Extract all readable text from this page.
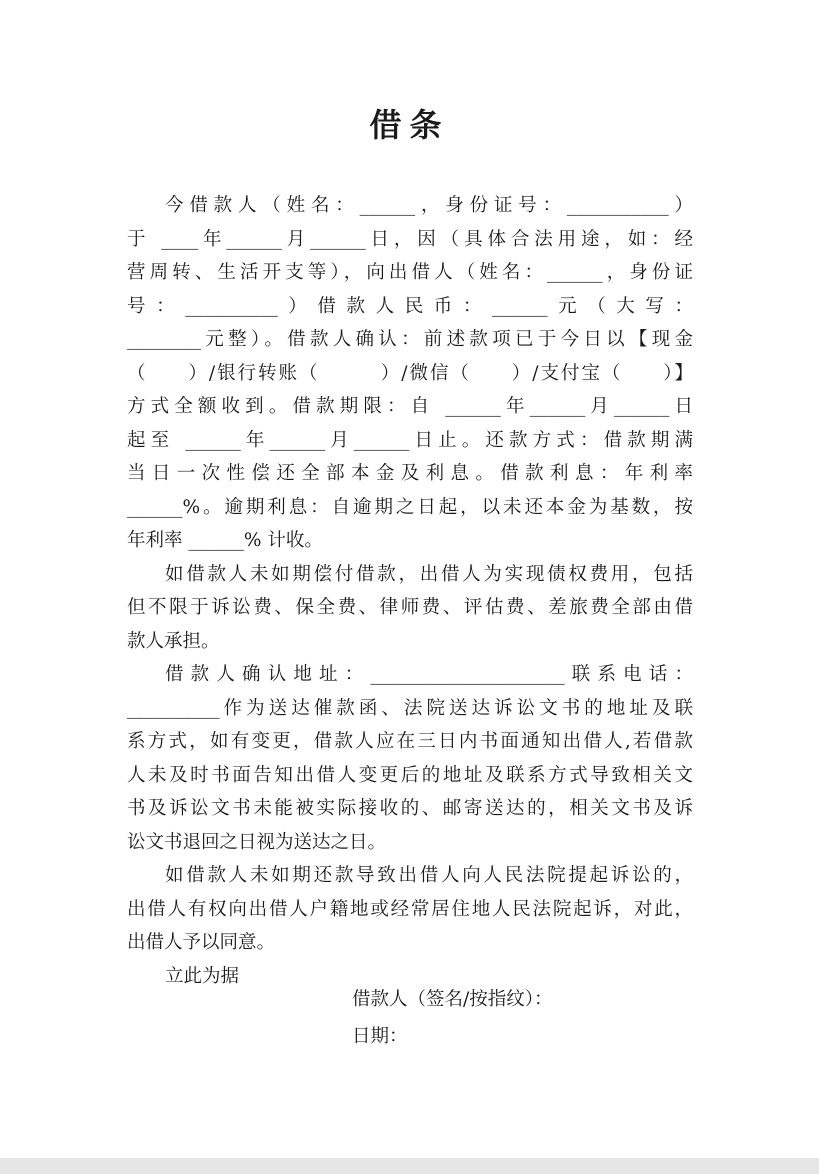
借条
今借款人（姓名：______，身份证号：___________）
于 ____年______月______日，因（具体合法用途，如：经
营周转、生活开支等），向出借人（姓名：______，身份证
号：__________）借款人民币：______元（大写：
________元整）。借款人确认：前述款项已于今日以【现金
（　　）/银行转账（　　　）/微信（　　）/支付宝（　　）】
方式全额收到。借款期限：自 ______年______月______日
起至 ______年______月______日止。还款方式：借款期满
当日一次性偿还全部本金及利息。借款利息：年利率
______%。逾期利息：自逾期之日起，以未还本金为基数，按
年利率 ______% 计收。
如借款人未如期偿付借款，出借人为实现债权费用，包括
但不限于诉讼费、保全费、律师费、评估费、差旅费全部由借
款人承担。
借款人确认地址：_____________________联系电话：
__________作为送达催款函、法院送达诉讼文书的地址及联
系方式，如有变更，借款人应在三日内书面通知出借人,若借款
人未及时书面告知出借人变更后的地址及联系方式导致相关文
书及诉讼文书未能被实际接收的、邮寄送达的，相关文书及诉
讼文书退回之日视为送达之日。
如借款人未如期还款导致出借人向人民法院提起诉讼的，
出借人有权向出借人户籍地或经常居住地人民法院起诉，对此，
出借人予以同意。
立此为据
借款人（签名/按指纹）：
日期：
